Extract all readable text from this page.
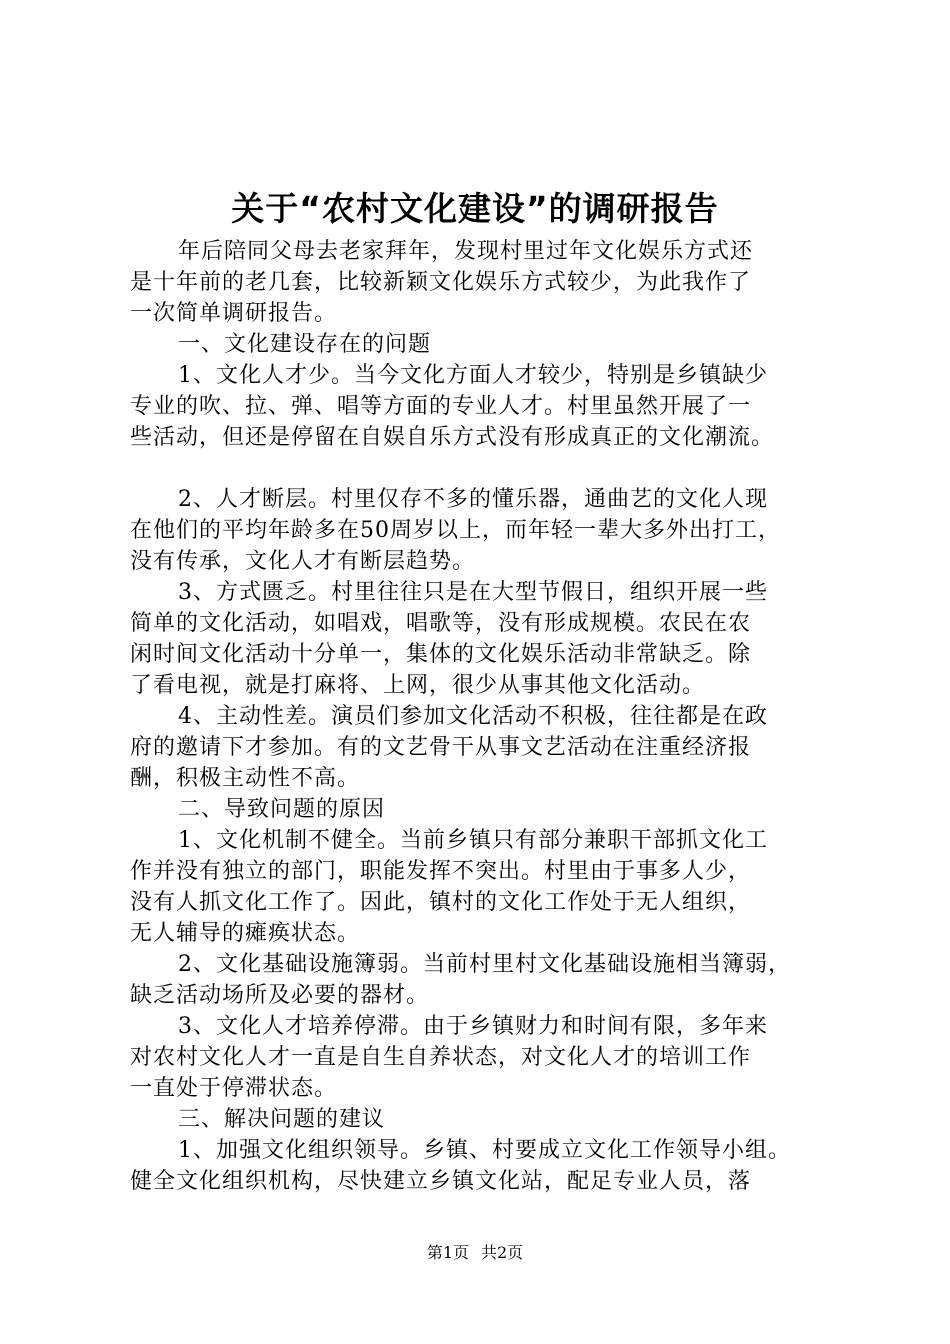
关于“农村文化建设”的调研报告
年后陪同父母去老家拜年，发现村里过年文化娱乐方式还
是十年前的老几套，比较新颖文化娱乐方式较少，为此我作了
一次简单调研报告。
一、文化建设存在的问题
1、文化人才少。当今文化方面人才较少，特别是乡镇缺少
专业的吹、拉、弹、唱等方面的专业人才。村里虽然开展了一
些活动，但还是停留在自娱自乐方式没有形成真正的文化潮流。
2、人才断层。村里仅存不多的懂乐器，通曲艺的文化人现
在他们的平均年龄多在50周岁以上，而年轻一辈大多外出打工，
没有传承，文化人才有断层趋势。
3、方式匮乏。村里往往只是在大型节假日，组织开展一些
简单的文化活动，如唱戏，唱歌等，没有形成规模。农民在农
闲时间文化活动十分单一，集体的文化娱乐活动非常缺乏。除
了看电视，就是打麻将、上网，很少从事其他文化活动。
4、主动性差。演员们参加文化活动不积极，往往都是在政
府的邀请下才参加。有的文艺骨干从事文艺活动在注重经济报
酬，积极主动性不高。
二、导致问题的原因
1、文化机制不健全。当前乡镇只有部分兼职干部抓文化工
作并没有独立的部门，职能发挥不突出。村里由于事多人少，
没有人抓文化工作了。因此，镇村的文化工作处于无人组织，
无人辅导的瘫痪状态。
2、文化基础设施簿弱。当前村里村文化基础设施相当簿弱，
缺乏活动场所及必要的器材。
3、文化人才培养停滞。由于乡镇财力和时间有限，多年来
对农村文化人才一直是自生自养状态，对文化人才的培训工作
一直处于停滞状态。
三、解决问题的建议
1、加强文化组织领导。乡镇、村要成立文化工作领导小组。
健全文化组织机构，尽快建立乡镇文化站，配足专业人员，落
第1页 共2页
